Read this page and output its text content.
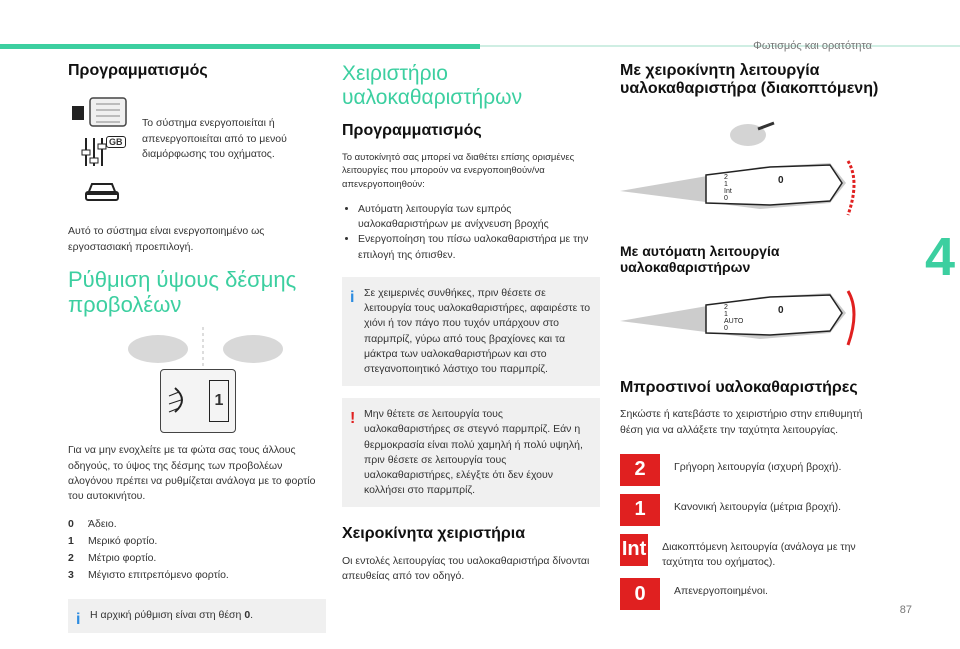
Φωτισμός και ορατότητα
4
87
Προγραμματισμός
GB

Το σύστημα ενεργοποιείται ή απενεργοποιείται από το μενού διαμόρφωσης του οχήματος.

Αυτό το σύστημα είναι ενεργοποιημένο ως εργοστασιακή προεπιλογή.

Ρύθμιση ύψους δέσμης προβολέων
1

Για να μην ενοχλείτε με τα φώτα σας τους άλλους οδηγούς, το ύψος της δέσμης των προβολέων αλογόνου πρέπει να ρυθμίζεται ανάλογα με το φορτίο του αυτοκινήτου.

0	Άδειο.
1	Μερικό φορτίο.
2	Μέτριο φορτίο.
3	Μέγιστο επιτρεπόμενο φορτίο.
i Η αρχική ρύθμιση είναι στη θέση 0.
Χειριστήριο υαλοκαθαριστήρων
Προγραμματισμός

Το αυτοκίνητό σας μπορεί να διαθέτει επίσης ορισμένες λειτουργίες που μπορούν να ενεργοποιηθούν/να απενεργοποιηθούν:

• Αυτόματη λειτουργία των εμπρός υαλοκαθαριστήρων με ανίχνευση βροχής
• Ενεργοποίηση του πίσω υαλοκαθαριστήρα με την επιλογή της όπισθεν.
i Σε χειμερινές συνθήκες, πριν θέσετε σε λειτουργία τους υαλοκαθαριστήρες, αφαιρέστε το χιόνι ή τον πάγο που τυχόν υπάρχουν στο παρμπρίζ, γύρω από τους βραχίονες και τα μάκτρα των υαλοκαθαριστήρων και στο στεγανοποιητικό λάστιχο του παρμπρίζ.
! Μην θέτετε σε λειτουργία τους υαλοκαθαριστήρες σε στεγνό παρμπρίζ. Εάν η θερμοκρασία είναι πολύ χαμηλή ή πολύ υψηλή, πριν θέσετε σε λειτουργία τους υαλοκαθαριστήρες, ελέγξτε ότι δεν έχουν κολλήσει στο παρμπρίζ.
Χειροκίνητα χειριστήρια

Οι εντολές λειτουργίας του υαλοκαθαριστήρα δίνονται απευθείας από τον οδηγό.

Με χειροκίνητη λειτουργία υαλοκαθαριστήρα (διακοπτόμενη)
2
1
Int
0
0
Με αυτόματη λειτουργία υαλοκαθαριστήρων
2
1
AUTO
0
0
Μπροστινοί υαλοκαθαριστήρες

Σηκώστε ή κατεβάστε το χειριστήριο στην επιθυμητή θέση για να αλλάξετε την ταχύτητα λειτουργίας.

2	Γρήγορη λειτουργία (ισχυρή βροχή).
1	Κανονική λειτουργία (μέτρια βροχή).
Int Διακοπτόμενη λειτουργία (ανάλογα με την ταχύτητα του οχήματος).
0	Απενεργοποιημένοι.
